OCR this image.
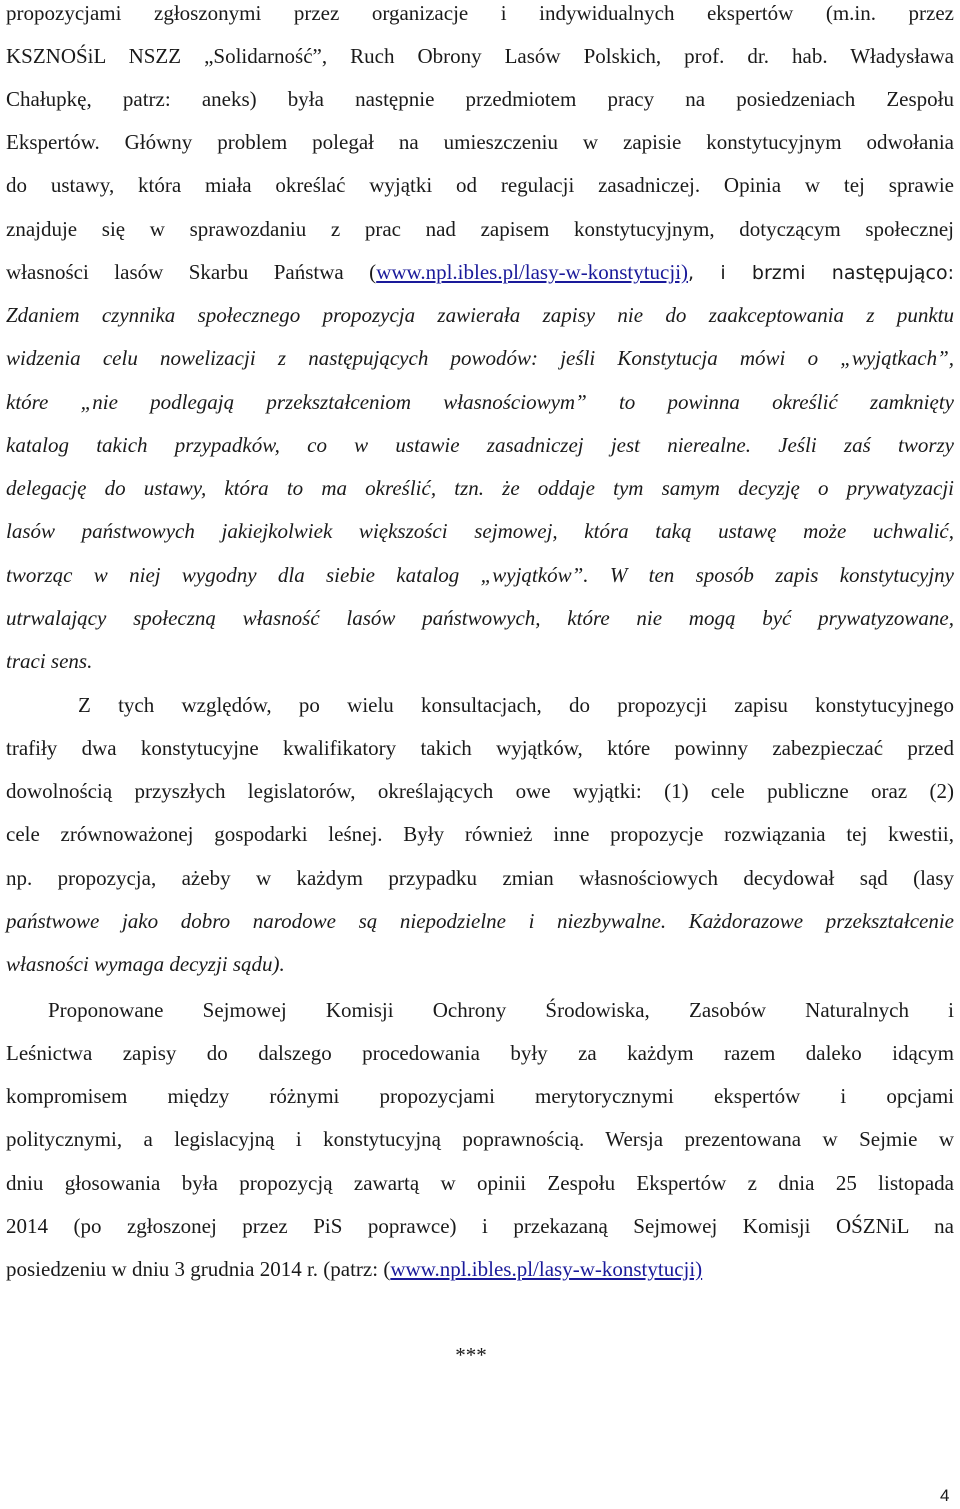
propozycjami zgłoszonymi przez organizacje i indywidualnych ekspertów (m.in. przez
KSZNOŚiL NSZZ „Solidarność”, Ruch Obrony Lasów Polskich, prof. dr. hab. Władysława
Chałupkę, patrz: aneks) była następnie przedmiotem pracy na posiedzeniach Zespołu
Ekspertów. Główny problem polegał na umieszczeniu w zapisie konstytucyjnym odwołania
do ustawy, która miała określać wyjątki od regulacji zasadniczej. Opinia w tej sprawie
znajduje się w sprawozdaniu z prac nad zapisem konstytucyjnym, dotyczącym społecznej
własności lasów Skarbu Państwa (www.npl.ibles.pl/lasy-w-konstytucji), i brzmi następująco:
Zdaniem czynnika społecznego propozycja zawierała zapisy nie do zaakceptowania z punktu
widzenia celu nowelizacji z następujących powodów: jeśli Konstytucja mówi o „wyjątkach”,
które „nie podlegają przekształceniom własnościowym” to powinna określić zamknięty
katalog takich przypadków, co w ustawie zasadniczej jest nierealne. Jeśli zaś tworzy
delegację do ustawy, która to ma określić, tzn. że oddaje tym samym decyzję o prywatyzacji
lasów państwowych jakiejkolwiek większości sejmowej, która taką ustawę może uchwalić,
tworząc w niej wygodny dla siebie katalog „wyjątków”. W ten sposób zapis konstytucyjny
utrwalający społeczną własność lasów państwowych, które nie mogą być prywatyzowane,
traci sens.
Z tych względów, po wielu konsultacjach, do propozycji zapisu konstytucyjnego
trafiły dwa konstytucyjne kwalifikatory takich wyjątków, które powinny zabezpieczać przed
dowolnością przyszłych legislatorów, określających owe wyjątki: (1) cele publiczne oraz (2)
cele zrównoważonej gospodarki leśnej. Były również inne propozycje rozwiązania tej kwestii,
np. propozycja, ażeby w każdym przypadku zmian własnościowych decydował sąd (lasy
państwowe jako dobro narodowe są niepodzielne i niezbywalne. Każdorazowe przekształcenie
własności wymaga decyzji sądu).
Proponowane Sejmowej Komisji Ochrony Środowiska, Zasobów Naturalnych i
Leśnictwa zapisy do dalszego procedowania były za każdym razem daleko idącym
kompromisem między różnymi propozycjami merytorycznymi ekspertów i opcjami
politycznymi, a legislacyjną i konstytucyjną poprawnością. Wersja prezentowana w Sejmie w
dniu głosowania była propozycją zawartą w opinii Zespołu Ekspertów z dnia 25 listopada
2014 (po zgłoszonej przez PiS poprawce) i przekazaną Sejmowej Komisji OŚZNiL na
posiedzeniu w dniu 3 grudnia 2014 r. (patrz: (www.npl.ibles.pl/lasy-w-konstytucji)
***
4
